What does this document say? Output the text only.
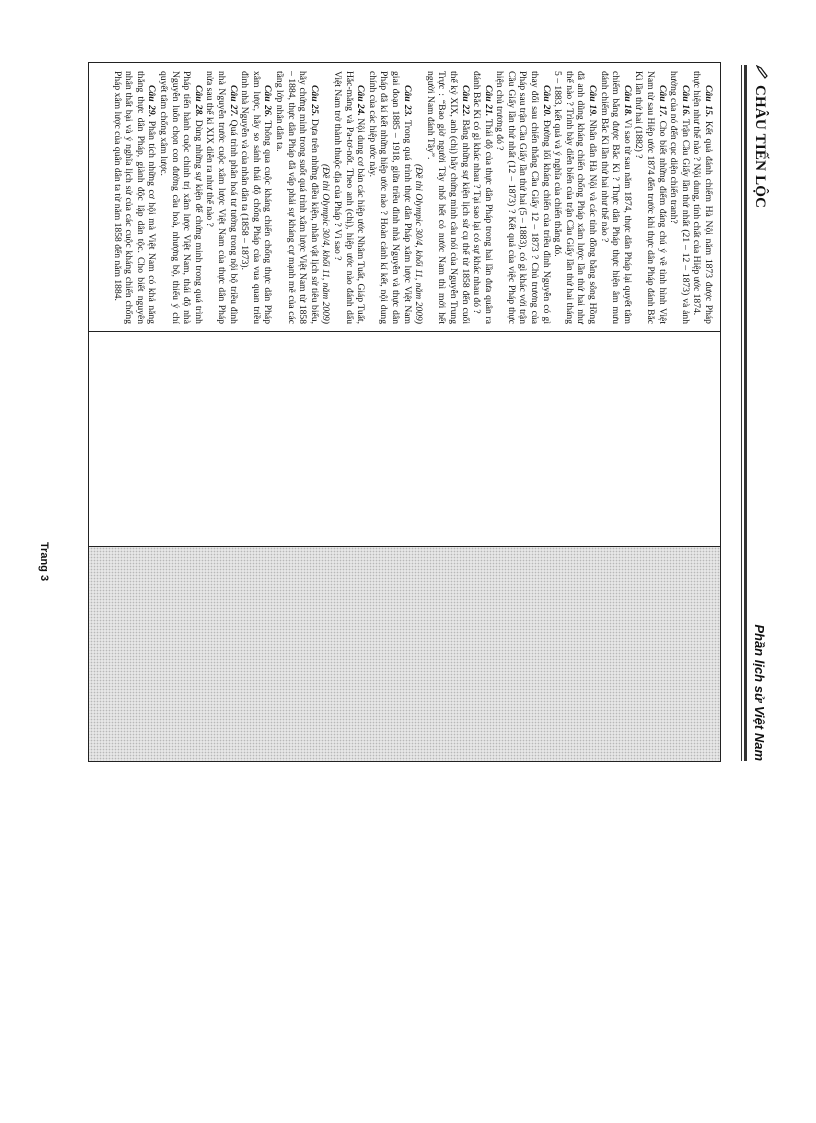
CHÂU TIẾN LỘC
Phần lịch sử Việt Nam

Câu 15. Kết quả đánh chiếm Hà Nội năm 1873 được Pháp thực hiện như thế nào ? Nội dung, tính chất của Hiệp ước 1874.

Câu 16. Trận Cầu Giấy lần thứ nhất (21 – 12 – 1873) và ảnh hưởng của nó đến cục diện chiến tranh?

Câu 17. Cho biết những điểm đáng chú ý về tình hình Việt Nam từ sau Hiệp ước 1874 đến trước khi thực dân Pháp đánh Bắc Kì lần thứ hai (1882) ?

Câu 18. Vì sao từ sau năm 1874, thực dân Pháp lại quyết tâm chiếm bằng được Bắc Kì ? Thực dân Pháp thực hiện âm mưu đánh chiếm Bắc Kì lần thứ hai như thế nào ?

Câu 19. Nhân dân Hà Nội và các tỉnh đồng bằng sông Hồng đã anh dũng kháng chiến chống Pháp xâm lược lần thứ hai như thế nào ? Trình bày diễn biến của trận Cầu Giấy lần thứ hai tháng 5 – 1883, kết quả và ý nghĩa của chiến thắng đó.

Câu 20. Đường lối kháng chiến của triều đình Nguyễn có gì thay đổi sau chiến thắng Cầu Giấy 12 – 1873 ? Chủ trương của Pháp sau trận Cầu Giấy lần thứ hai (5 – 1883), có gì khác với trận Cầu Giấy lần thứ nhất (12 – 1873) ? Kết quả của việc Pháp thực hiện chủ trương đó ?

Câu 21. Thái độ của thực dân Pháp trong hai lần đưa quân ra đánh Bắc Kì có gì khác nhau ? Tại sao lại có sự khác nhau đó ?

Câu 22. Bằng những sự kiện lịch sử cụ thể từ 1858 đến cuối thế kỷ XIX, anh (chị) hãy chứng minh câu nói của Nguyễn Trung Trực : “Bao giờ người Tây nhổ hết cỏ nước Nam thì mới hết người Nam đánh Tây”.

(Đề thi Olympic 30/4, khối 11, năm 2009)

Câu 23. Trong quá trình thực dân Pháp xâm lược Việt Nam giai đoạn 1885 – 1918, giữa triều đình nhà Nguyễn và thực dân Pháp đã kí kết những hiệp ước nào ? Hoàn cảnh kí kết, nội dung chính của các hiệp ước này.

Câu 24. Nội dung cơ bản các hiệp ước Nhâm Tuất, Giáp Tuất, Hắc-măng và Pa-tơ-nốt. Theo anh (chị), hiệp ước nào đánh dấu Việt Nam trở thành thuộc địa của Pháp ? Vì sao ?

(Đề thi Olympic 30/4, khối 11, năm 2009)

Câu 25. Dựa trên những điều kiện, nhân vật lịch sử tiêu biểu, hãy chứng minh trong suốt quá trình xâm lược Việt Nam từ 1858 – 1884, thực dân Pháp đã vấp phải sự kháng cự mạnh mẽ của các tầng lớp nhân dân ta.

Câu 26. Thông qua cuộc kháng chiến chống thực dân Pháp xâm lược, hãy so sánh thái độ chống Pháp của vua quan triều đình nhà Nguyễn và của nhân dân ta (1858 – 1873).

Câu 27. Quá trình phân hoá tư tưởng trong nội bộ triều đình nhà Nguyễn trước cuộc xâm lược Việt Nam của thực dân Pháp nửa sau thế kỉ XIX diễn ra như thế nào ?

Câu 28. Dùng những sự kiện để chứng minh trong quá trình Pháp tiến hành cuộc chinh trị xâm lược Việt Nam, thái độ nhà Nguyễn luôn chọn con đường cầu hoà, nhượng bộ, thiếu ý chí quyết tâm chống xâm lược.

Câu 29. Phân tích những cơ hội mà Việt Nam có khả năng thắng thực dân Pháp, giành độc lập dân tộc. Cho biết nguyên nhân thất bại và ý nghĩa lịch sử của các cuộc kháng chiến chống Pháp xâm lược của quân dân ta từ năm 1858 đến năm 1884.

Trang 3
